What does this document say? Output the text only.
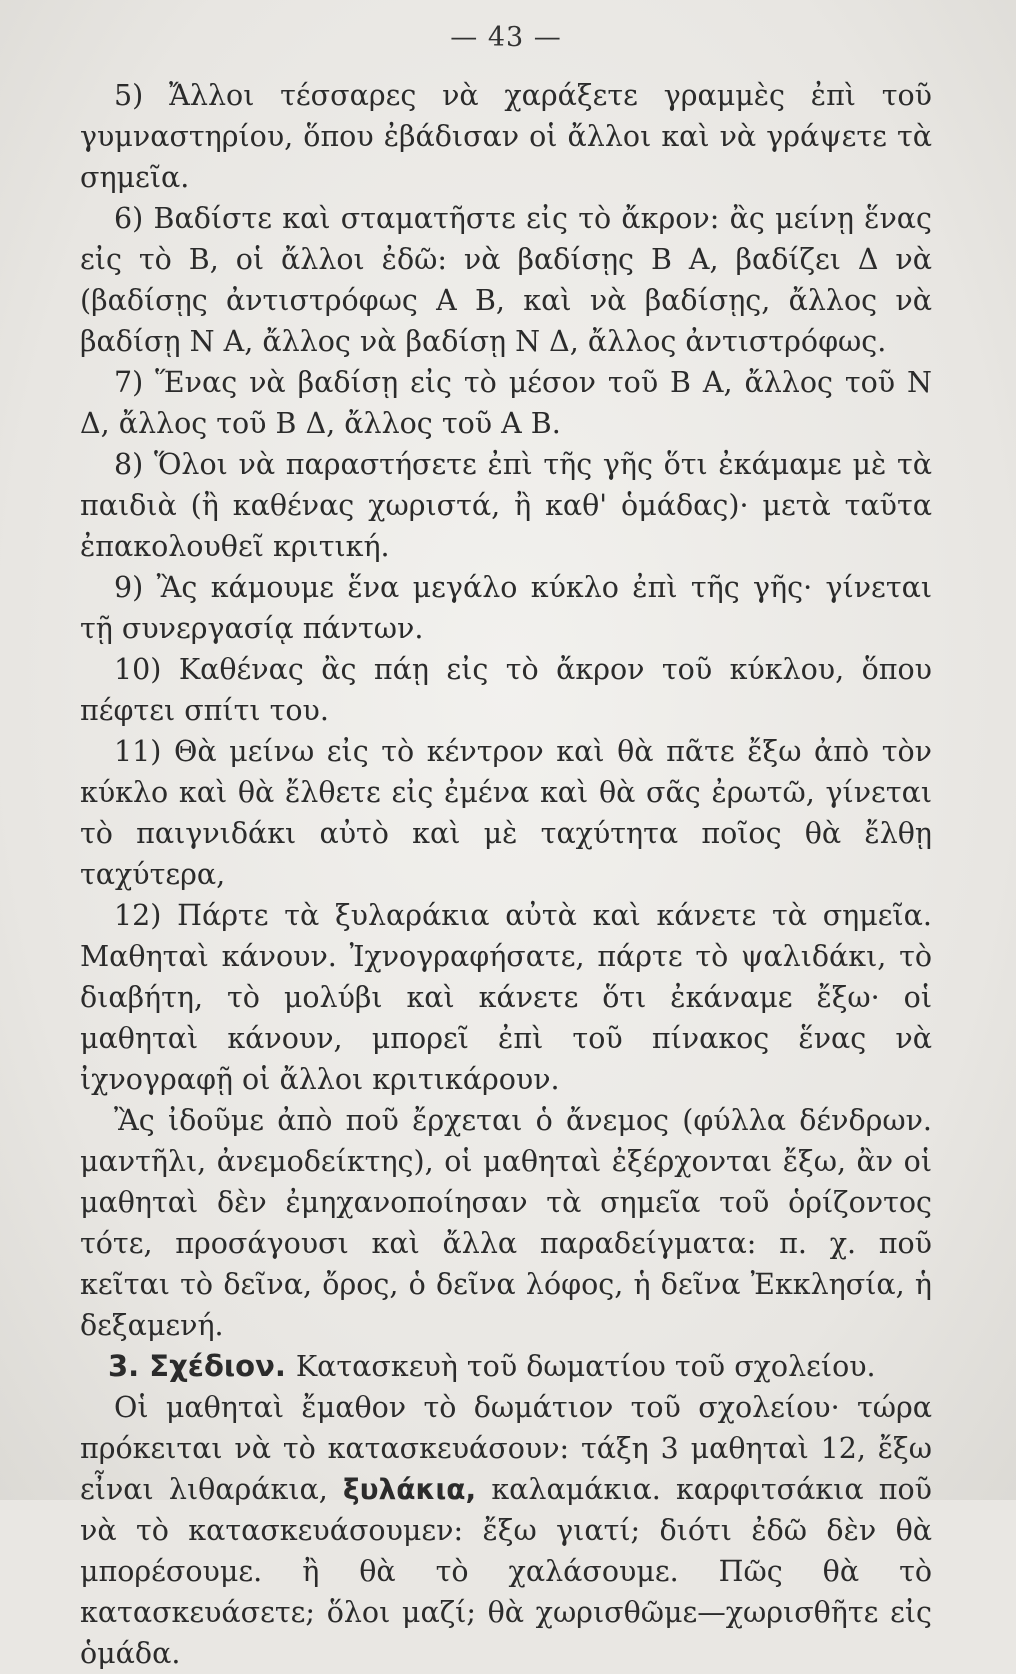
— 43 —

5) Ἄλλοι τέσσαρες νὰ χαράξετε γραμμὲς ἐπὶ τοῦ γυμναστηρίου, ὅπου ἐβάδισαν οἱ ἄλλοι καὶ νὰ γράψετε τὰ σημεῖα.

6) Βαδίστε καὶ σταματῆστε εἰς τὸ ἄκρον: ἂς μείνῃ ἕνας εἰς τὸ Β, οἱ ἄλλοι ἐδῶ: νὰ βαδίσῃς Β Α, βαδίζει Δ νὰ (βαδίσῃς ἀντιστρόφως Α Β, καὶ νὰ βαδίσῃς, ἄλλος νὰ βαδίσῃ Ν Α, ἄλλος νὰ βαδίσῃ Ν Δ, ἄλλος ἀντιστρόφως.

7) Ἕνας νὰ βαδίσῃ εἰς τὸ μέσον τοῦ Β Α, ἄλλος τοῦ Ν Δ, ἄλλος τοῦ Β Δ, ἄλλος τοῦ Α Β.

8) Ὅλοι νὰ παραστήσετε ἐπὶ τῆς γῆς ὅτι ἐκάμαμε μὲ τὰ παιδιὰ (ἢ καθένας χωριστά, ἢ καθ' ὁμάδας)· μετὰ ταῦτα ἐπακολουθεῖ κριτική.

9) Ἂς κάμουμε ἕνα μεγάλο κύκλο ἐπὶ τῆς γῆς· γίνεται τῇ συνεργασίᾳ πάντων.

10) Καθένας ἂς πάῃ εἰς τὸ ἄκρον τοῦ κύκλου, ὅπου πέφτει σπίτι του.

11) Θὰ μείνω εἰς τὸ κέντρον καὶ θὰ πᾶτε ἔξω ἀπὸ τὸν κύκλο καὶ θὰ ἔλθετε εἰς ἐμένα καὶ θὰ σᾶς ἐρωτῶ, γίνεται τὸ παιγνιδάκι αὐτὸ καὶ μὲ ταχύτητα ποῖος θὰ ἔλθῃ ταχύτερα,

12) Πάρτε τὰ ξυλαράκια αὐτὰ καὶ κάνετε τὰ σημεῖα. Μαθηταὶ κάνουν. Ἰχνογραφήσατε, πάρτε τὸ ψαλιδάκι, τὸ διαβήτη, τὸ μολύβι καὶ κάνετε ὅτι ἐκάναμε ἔξω· οἱ μαθηταὶ κάνουν, μπορεῖ ἐπὶ τοῦ πίνακος ἕνας νὰ ἰχνογραφῇ οἱ ἄλλοι κριτικάρουν.

Ἂς ἰδοῦμε ἀπὸ ποῦ ἔρχεται ὁ ἄνεμος (φύλλα δένδρων. μαντῆλι, ἀνεμοδείκτης), οἱ μαθηταὶ ἐξέρχονται ἔξω, ἂν οἱ μαθηταὶ δὲν ἐμηχανοποίησαν τὰ σημεῖα τοῦ ὁρίζοντος τότε, προσάγουσι καὶ ἄλλα παραδείγματα: π. χ. ποῦ κεῖται τὸ δεῖνα, ὄρος, ὁ δεῖνα λόφος, ἡ δεῖνα Ἐκκλησία, ἡ δεξαμενή.

3. Σχέδιον. Κατασκευὴ τοῦ δωματίου τοῦ σχολείου.

Οἱ μαθηταὶ ἔμαθον τὸ δωμάτιον τοῦ σχολείου· τώρα πρόκειται νὰ τὸ κατασκευάσουν: τάξη 3 μαθηταὶ 12, ἔξω εἶναι λιθαράκια, ξυλάκια, καλαμάκια. καρφιτσάκια ποῦ νὰ τὸ κατασκευάσουμεν: ἔξω γιατί; διότι ἐδῶ δὲν θὰ μπορέσουμε. ἢ θὰ τὸ χαλάσουμε. Πῶς θὰ τὸ κατασκευάσετε; ὅλοι μαζί; θὰ χωρισθῶμε—χωρισθῆτε εἰς ὁμάδα.
